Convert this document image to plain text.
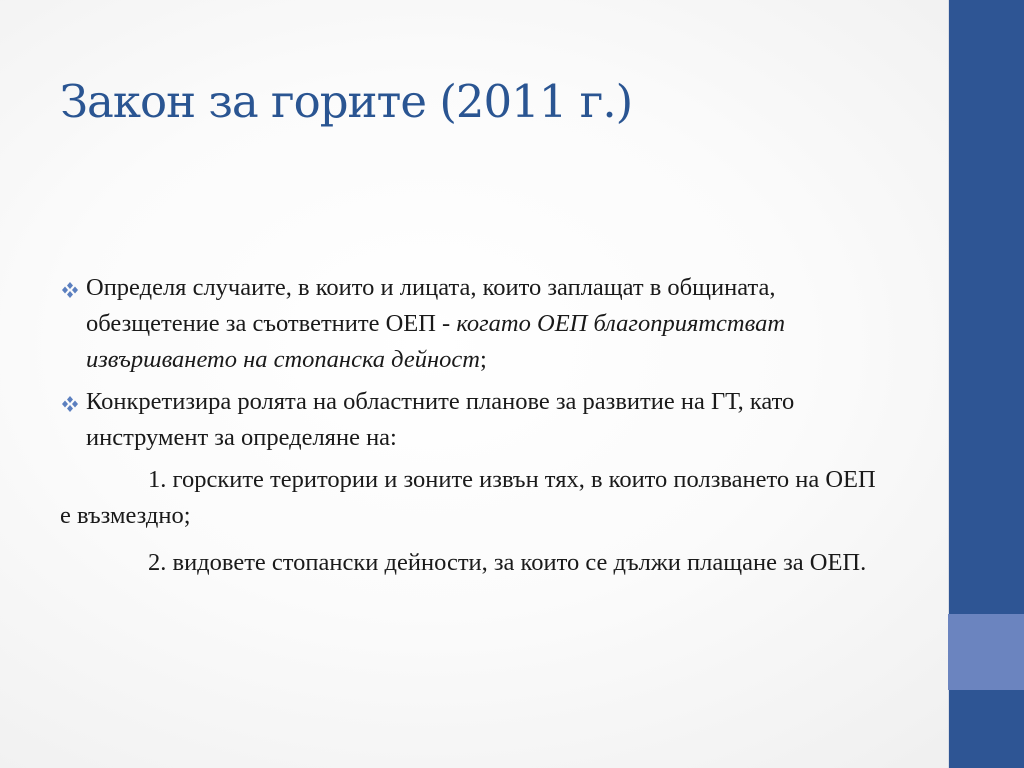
Закон за горите (2011 г.)
Определя случаите, в които и лицата, които заплащат в общината, обезщетение за съответните ОЕП - когато ОЕП благоприятстват извършването на стопанска дейност;
Конкретизира ролята на областните планове за развитие на ГТ, като инструмент за определяне на:
1. горските територии и зоните извън тях, в които ползването на ОЕП е възмездно;
2. видовете стопански дейности, за които се дължи плащане за ОЕП.
